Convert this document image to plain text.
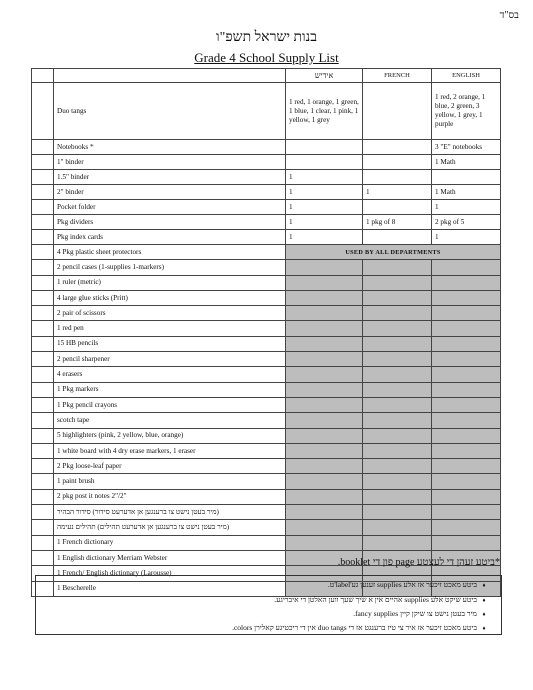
בס"ד
בנות ישראל תשפ"ו
Grade 4 School Supply List
		אידיש	FRENCH	ENGLISH
	Duo tangs	1 red, 1 orange, 1 green, 1 blue, 1 clear, 1 pink, 1 yellow, 1 grey		1 red, 2 orange, 1 blue, 2 green, 3 yellow, 1 grey, 1 purple
	Notebooks *			3 "E" notebooks
	1" binder			1 Math
	1.5" binder	1		
	2" binder	1	1	1 Math
	Pocket folder	1		1
	Pkg dividers	1	1 pkg of 8	2 pkg of 5
	Pkg index cards	1		1
	4 Pkg plastic sheet protectors	USED BY ALL DEPARTMENTS		
	2 pencil cases (1-supplies 1-markers)			
	1 ruler (metric)			
	4 large glue sticks (Pritt)			
	2 pair of scissors			
	1 red pen			
	15 HB pencils			
	2 pencil sharpener			
	4 erasers			
	1 Pkg markers			
	1 Pkg pencil crayons			
	scotch tape			
	5 highlighters (pink, 2 yellow, blue, orange)			
	1 white board with 4 dry erase markers, 1 eraser			
	2 Pkg loose-leaf paper			
	1 paint brush			
	2 pkg post it notes 2"/2"			
	(מיר בעטן נישט צו ברענגען אן אדערעט סידור) סידור הבהיר			
	(מיר בעטן נישט צו ברענגען אן אדערעט תהילים) תהילים נעימה			
	1 French dictionary			
	1 English dictionary Merriam Webster			
	1 French/ English dictionary (Larousse)			
	1 Bescherelle			
*ביטע זעהן די לעצטע page פון די booklet.
♦ביטע מאכט זיכער אז אלע supplies זענען גע'label'ט.
♦ביטע שיקט אלע supplies אהיים אין א שיך שעך ווען האלטן די איבריגע.
♦מיר בעטן נישט צו שיקן קיין fancy supplies.
♦ביטע מאכט זיכער אז איר צי טיז ברענגט אז די duo tangs אין די ריכטיגע קאלירן colors.
